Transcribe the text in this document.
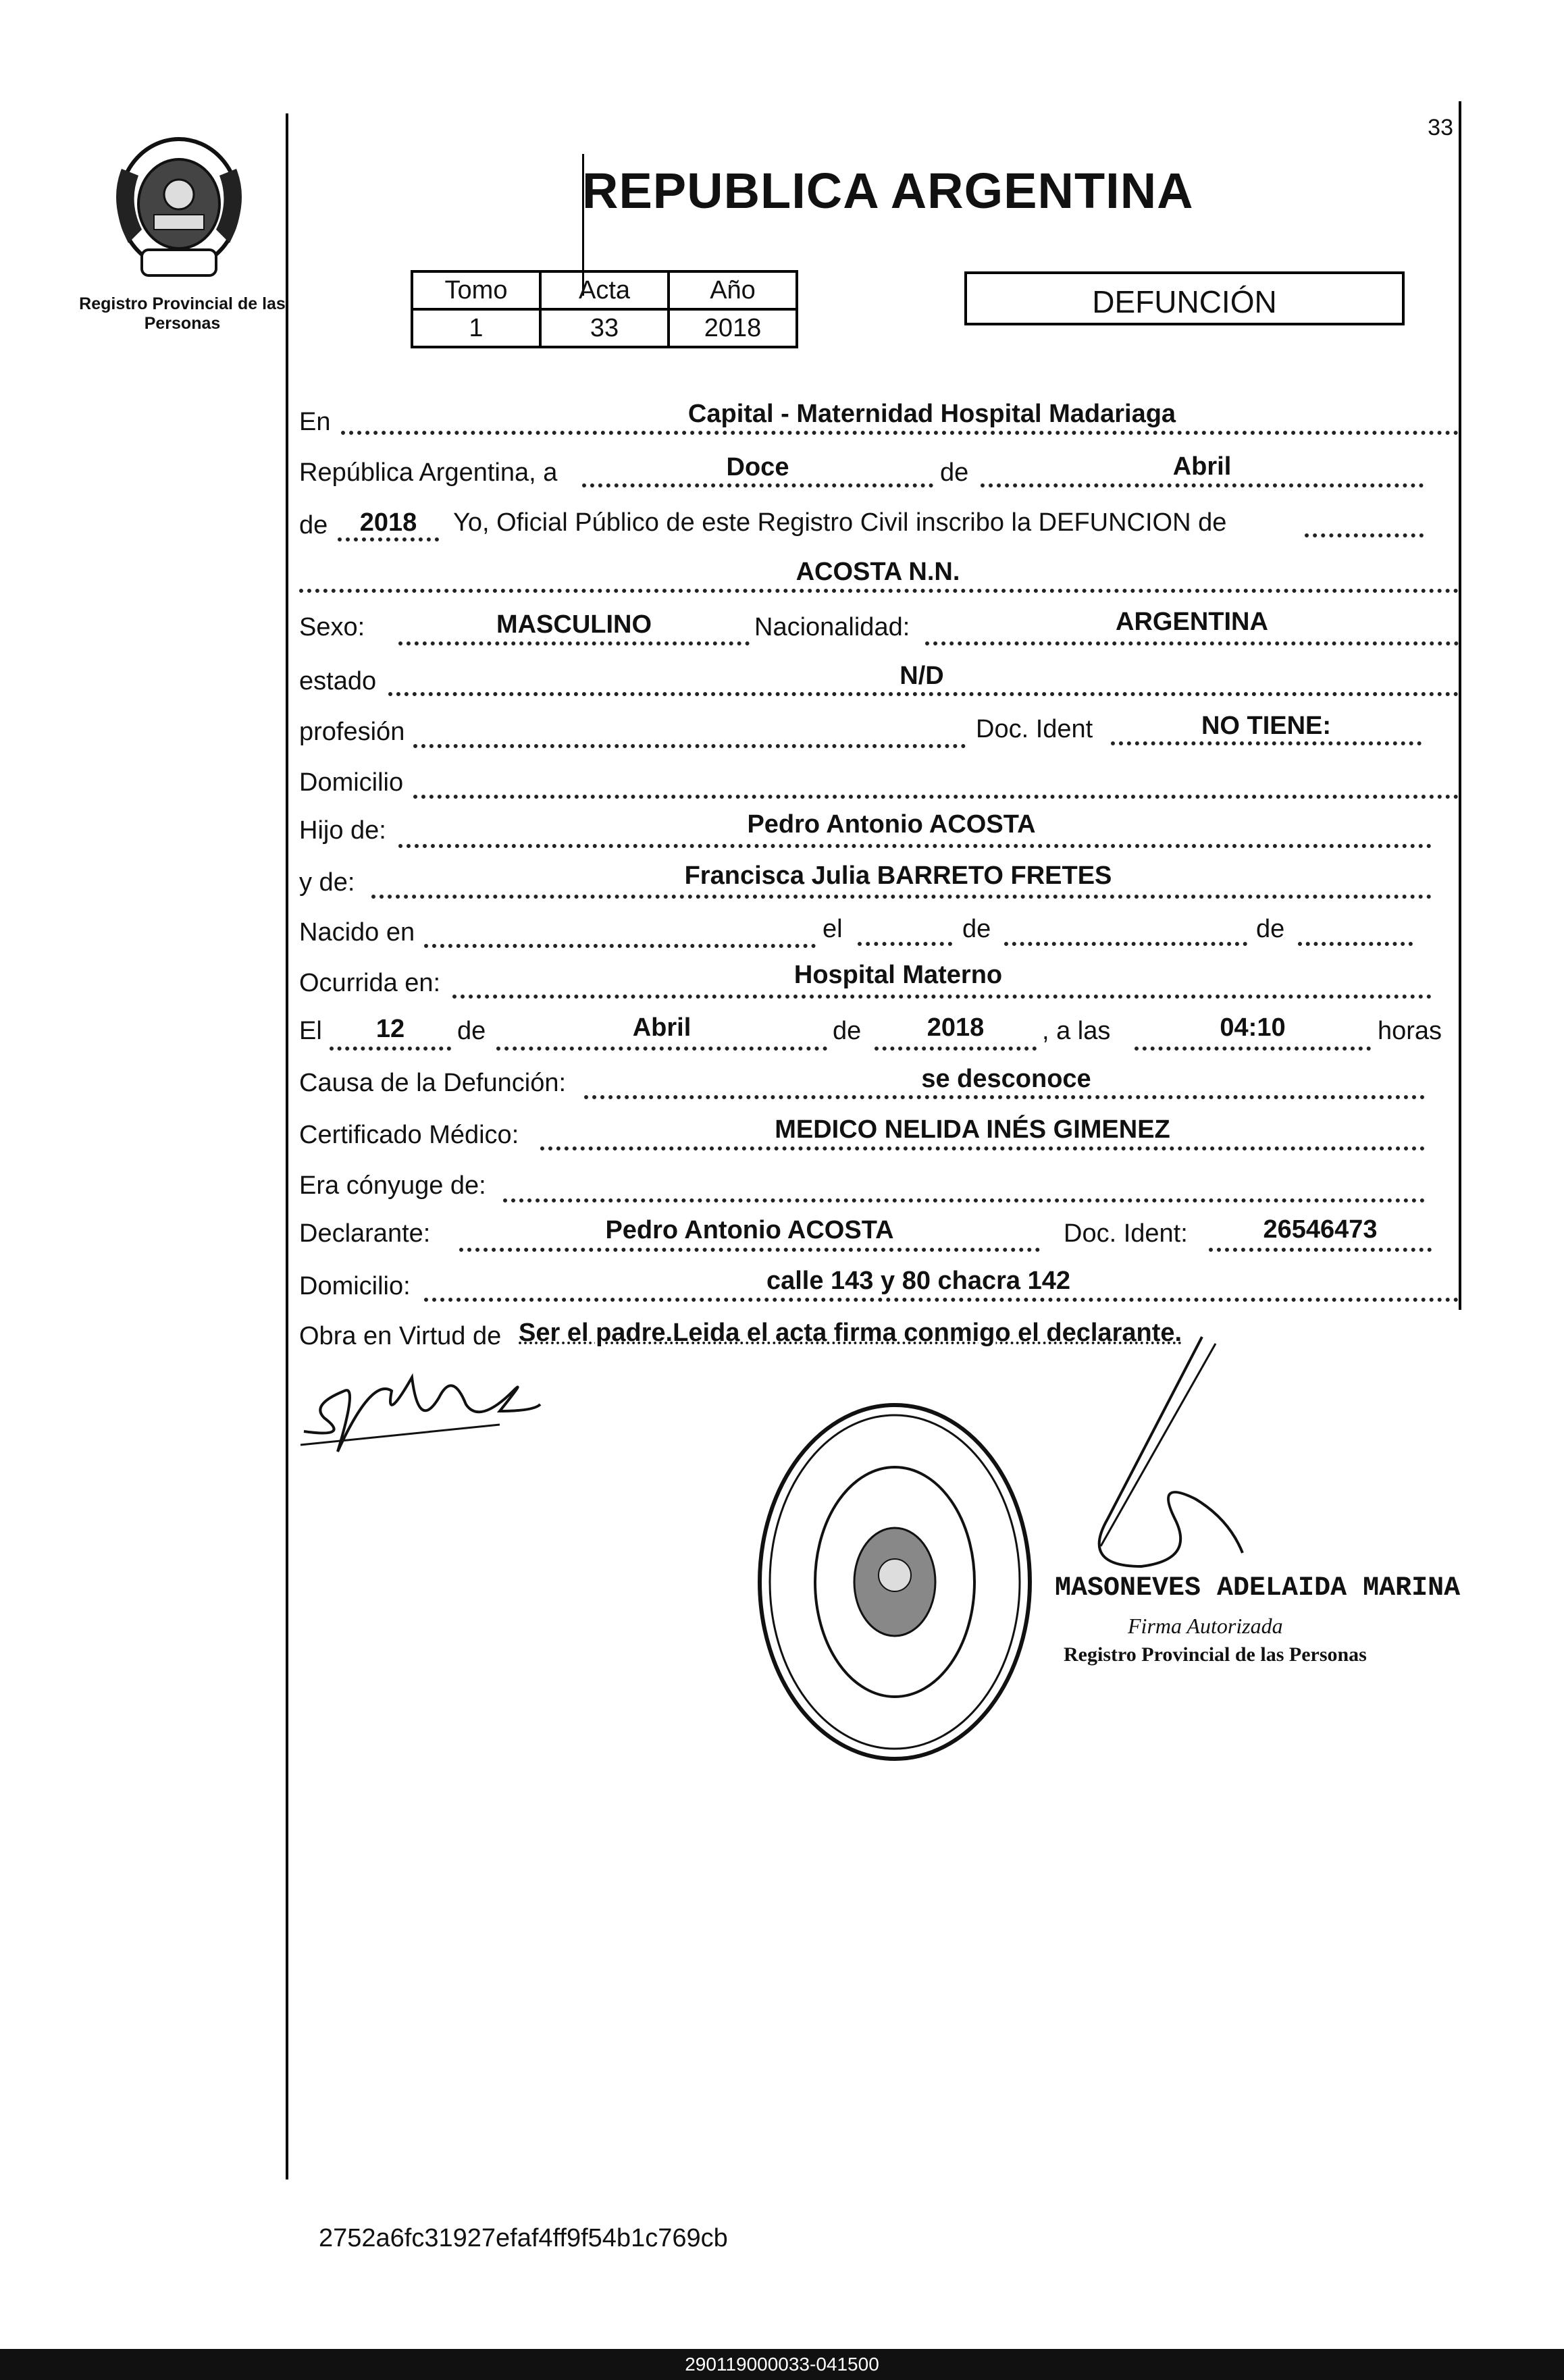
Registro Provincial de las Personas
33
REPUBLICA ARGENTINA
Tomo	Acta	Año
1	33	2018
DEFUNCIÓN
En	Capital - Maternidad Hospital Madariaga
República Argentina, a	Doce	de	Abril
de	2018	Yo, Oficial Público de este Registro Civil inscribo la DEFUNCION de
ACOSTA N.N.
Sexo:	MASCULINO	Nacionalidad:	ARGENTINA
estado	N/D
profesión	Doc. Ident	NO TIENE:
Domicilio
Hijo de:	Pedro Antonio ACOSTA
y de:	Francisca Julia BARRETO FRETES
Nacido en	el	de	de
Ocurrida en:	Hospital Materno
El	12	de	Abril	de	2018	, a las	04:10	horas
Causa de la Defunción:	se desconoce
Certificado Médico:	MEDICO NELIDA INÉS GIMENEZ
Era cónyuge de:
Declarante:	Pedro Antonio ACOSTA	Doc. Ident:	26546473
Domicilio:	calle 143 y 80 chacra 142
Obra en Virtud de Ser el padre.Leida el acta firma conmigo el declarante.
MASONEVES ADELAIDA MARINA
Firma Autorizada
Registro Provincial de las Personas
2752a6fc31927efaf4ff9f54b1c769cb
290119000033-041500
